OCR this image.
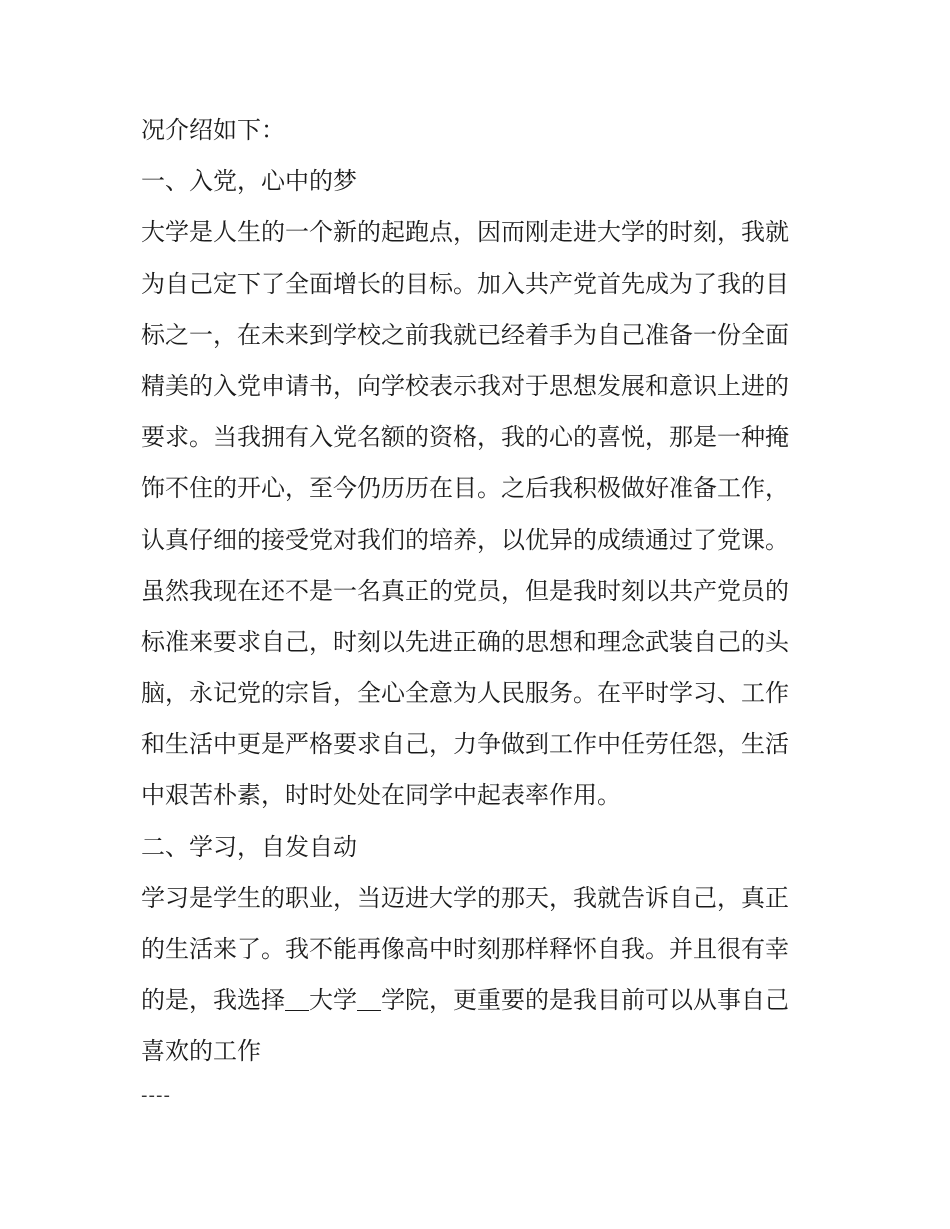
况介绍如下：
一、入党，心中的梦
大学是人生的一个新的起跑点，因而刚走进大学的时刻，我就
为自己定下了全面增长的目标。加入共产党首先成为了我的目
标之一，在未来到学校之前我就已经着手为自己准备一份全面
精美的入党申请书，向学校表示我对于思想发展和意识上进的
要求。当我拥有入党名额的资格，我的心的喜悦，那是一种掩
饰不住的开心，至今仍历历在目。之后我积极做好准备工作，
认真仔细的接受党对我们的培养，以优异的成绩通过了党课。
虽然我现在还不是一名真正的党员，但是我时刻以共产党员的
标准来要求自己，时刻以先进正确的思想和理念武装自己的头
脑，永记党的宗旨，全心全意为人民服务。在平时学习、工作
和生活中更是严格要求自己，力争做到工作中任劳任怨，生活
中艰苦朴素，时时处处在同学中起表率作用。
二、学习，自发自动
学习是学生的职业，当迈进大学的那天，我就告诉自己，真正
的生活来了。我不能再像高中时刻那样释怀自我。并且很有幸
的是，我选择＿大学＿学院，更重要的是我目前可以从事自己
喜欢的工作
----
